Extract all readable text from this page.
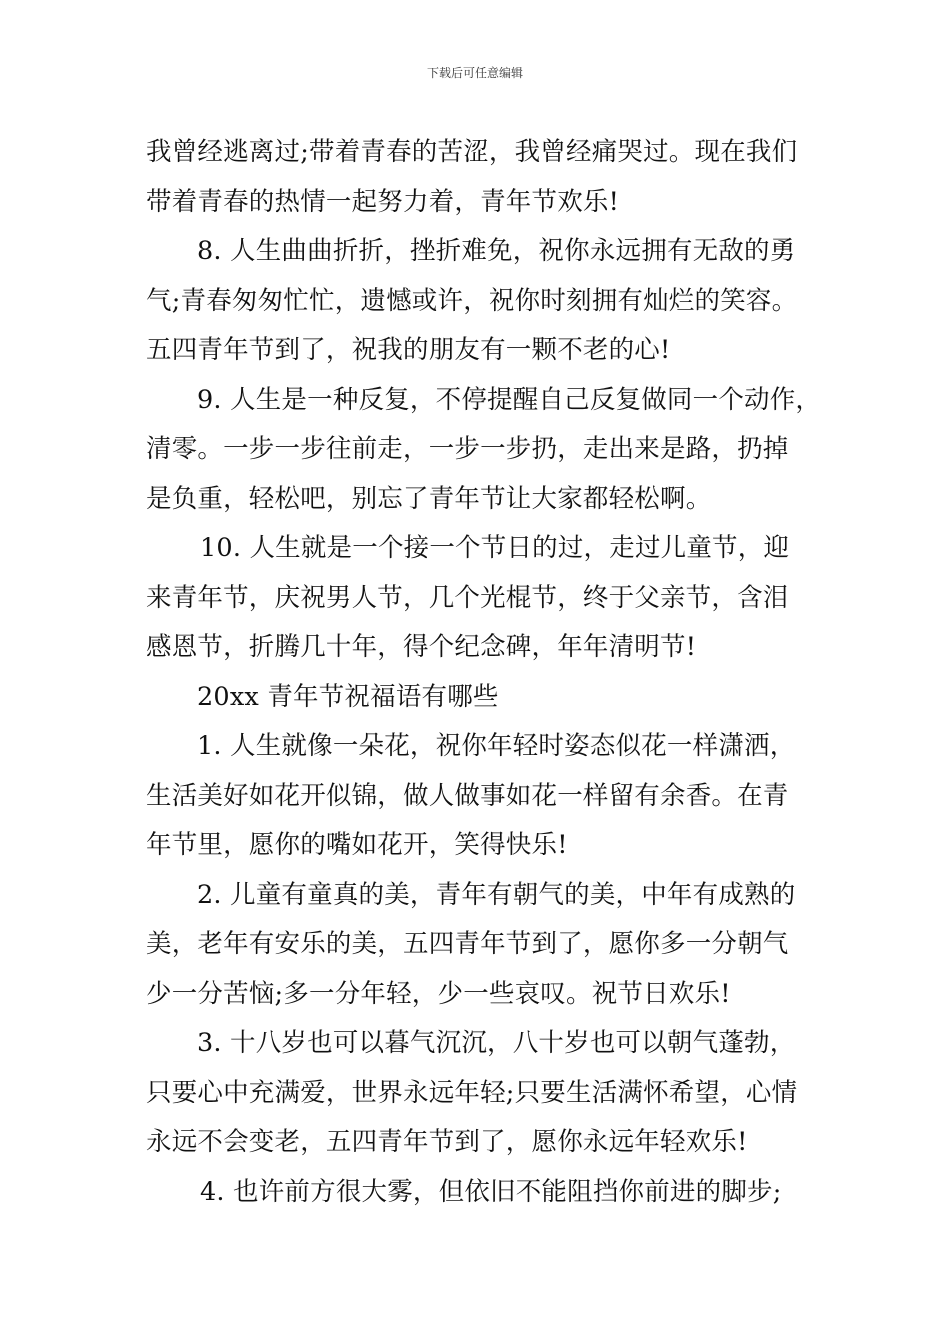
下载后可任意编辑
我曾经逃离过;带着青春的苦涩，我曾经痛哭过。现在我们
带着青春的热情一起努力着，青年节欢乐!
8. 人生曲曲折折，挫折难免，祝你永远拥有无敌的勇
气;青春匆匆忙忙，遗憾或许，祝你时刻拥有灿烂的笑容。
五四青年节到了，祝我的朋友有一颗不老的心!
9. 人生是一种反复，不停提醒自己反复做同一个动作，
清零。一步一步往前走，一步一步扔，走出来是路，扔掉
是负重，轻松吧，别忘了青年节让大家都轻松啊。
10. 人生就是一个接一个节日的过，走过儿童节，迎
来青年节，庆祝男人节，几个光棍节，终于父亲节，含泪
感恩节，折腾几十年，得个纪念碑，年年清明节!
20xx 青年节祝福语有哪些
1. 人生就像一朵花，祝你年轻时姿态似花一样潇洒，
生活美好如花开似锦，做人做事如花一样留有余香。在青
年节里，愿你的嘴如花开，笑得快乐!
2. 儿童有童真的美，青年有朝气的美，中年有成熟的
美，老年有安乐的美，五四青年节到了，愿你多一分朝气
少一分苦恼;多一分年轻，少一些哀叹。祝节日欢乐!
3. 十八岁也可以暮气沉沉，八十岁也可以朝气蓬勃，
只要心中充满爱，世界永远年轻;只要生活满怀希望，心情
永远不会变老，五四青年节到了，愿你永远年轻欢乐!
4. 也许前方很大雾，但依旧不能阻挡你前进的脚步;
